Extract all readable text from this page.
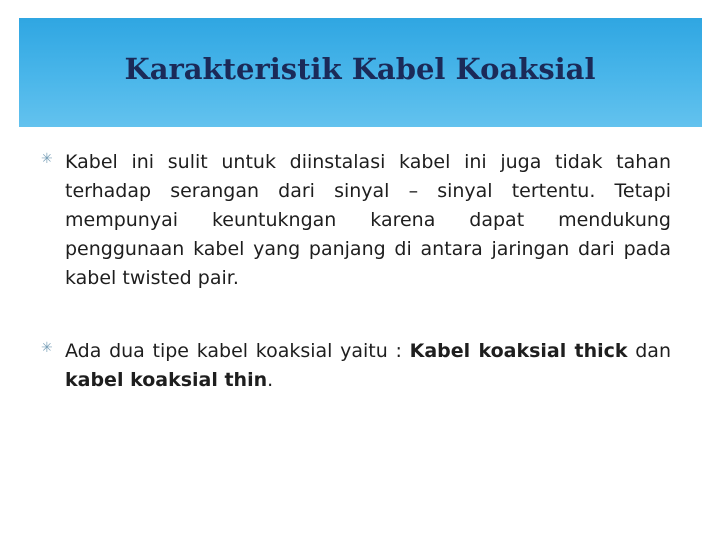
Karakteristik Kabel Koaksial

✳ Kabel ini sulit untuk diinstalasi kabel ini juga tidak tahan terhadap serangan dari sinyal – sinyal tertentu. Tetapi mempunyai keuntukngan karena dapat mendukung penggunaan kabel yang panjang di antara jaringan dari pada kabel twisted pair.

✳ Ada dua tipe kabel koaksial yaitu : Kabel koaksial thick dan kabel koaksial thin.
